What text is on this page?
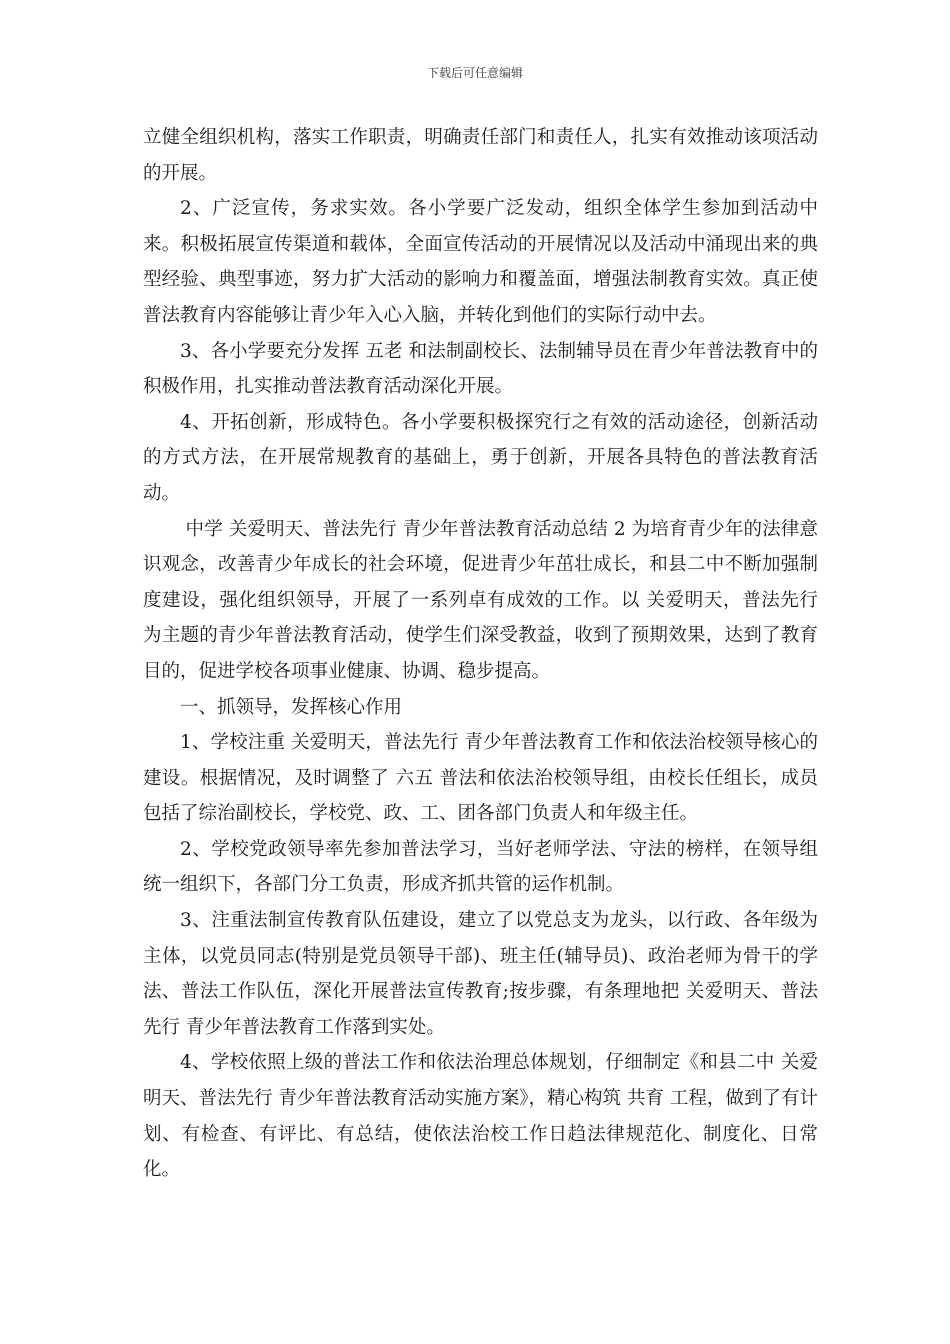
下载后可任意编辑

立健全组织机构，落实工作职责，明确责任部门和责任人，扎实有效推动该项活动的开展。

2、广泛宣传，务求实效。各小学要广泛发动，组织全体学生参加到活动中来。积极拓展宣传渠道和载体，全面宣传活动的开展情况以及活动中涌现出来的典型经验、典型事迹，努力扩大活动的影响力和覆盖面，增强法制教育实效。真正使普法教育内容能够让青少年入心入脑，并转化到他们的实际行动中去。

3、各小学要充分发挥 五老 和法制副校长、法制辅导员在青少年普法教育中的积极作用，扎实推动普法教育活动深化开展。

4、开拓创新，形成特色。各小学要积极探究行之有效的活动途径，创新活动的方式方法，在开展常规教育的基础上，勇于创新，开展各具特色的普法教育活动。

中学 关爱明天、普法先行 青少年普法教育活动总结 2 为培育青少年的法律意识观念，改善青少年成长的社会环境，促进青少年茁壮成长，和县二中不断加强制度建设，强化组织领导，开展了一系列卓有成效的工作。以 关爱明天，普法先行 为主题的青少年普法教育活动，使学生们深受教益，收到了预期效果，达到了教育目的，促进学校各项事业健康、协调、稳步提高。

一、抓领导，发挥核心作用

1、学校注重 关爱明天，普法先行 青少年普法教育工作和依法治校领导核心的建设。根据情况，及时调整了 六五 普法和依法治校领导组，由校长任组长，成员包括了综治副校长，学校党、政、工、团各部门负责人和年级主任。

2、学校党政领导率先参加普法学习，当好老师学法、守法的榜样，在领导组统一组织下，各部门分工负责，形成齐抓共管的运作机制。

3、注重法制宣传教育队伍建设，建立了以党总支为龙头，以行政、各年级为主体，以党员同志(特别是党员领导干部)、班主任(辅导员)、政治老师为骨干的学法、普法工作队伍，深化开展普法宣传教育;按步骤，有条理地把 关爱明天、普法先行 青少年普法教育工作落到实处。

4、学校依照上级的普法工作和依法治理总体规划，仔细制定《和县二中 关爱明天、普法先行 青少年普法教育活动实施方案》，精心构筑 共育 工程，做到了有计划、有检查、有评比、有总结，使依法治校工作日趋法律规范化、制度化、日常化。
